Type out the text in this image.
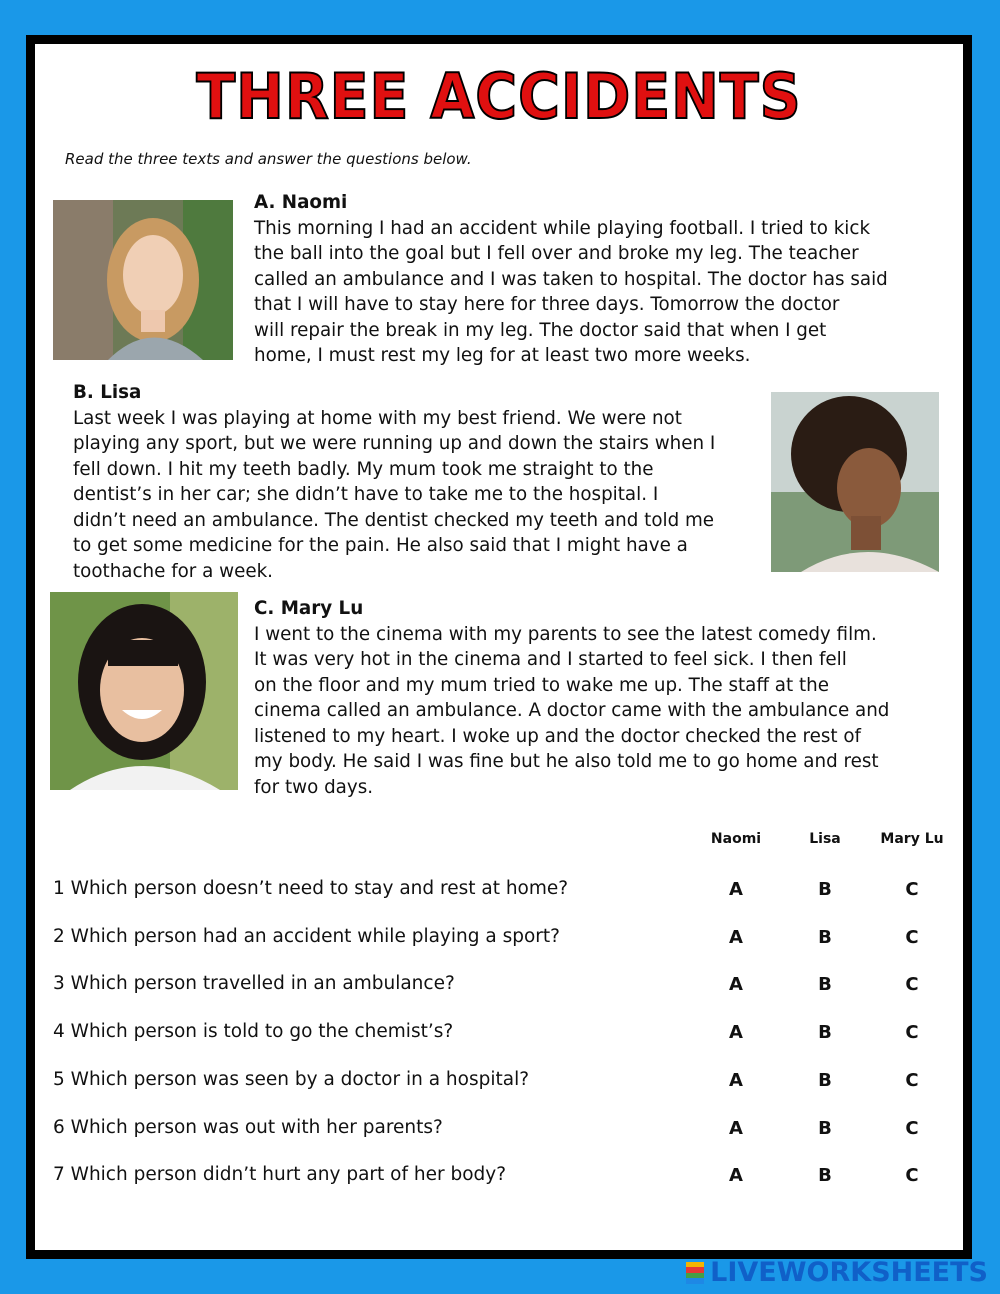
THREE ACCIDENTS
Read the three texts and answer the questions below.
A. Naomi
This morning I had an accident while playing football. I tried to kick
the ball into the goal but I fell over and broke my leg. The teacher
called an ambulance and I was taken to hospital. The doctor has said
that I will have to stay here for three days. Tomorrow the doctor
will repair the break in my leg. The doctor said that when I get
home, I must rest my leg for at least two more weeks.
B. Lisa
Last week I was playing at home with my best friend. We were not
playing any sport, but we were running up and down the stairs when I
fell down. I hit my teeth badly. My mum took me straight to the
dentist’s in her car; she didn’t have to take me to the hospital. I
didn’t need an ambulance. The dentist checked my teeth and told me
to get some medicine for the pain. He also said that I might have a
toothache for a week.
C. Mary Lu
I went to the cinema with my parents to see the latest comedy film.
It was very hot in the cinema and I started to feel sick. I then fell
on the floor and my mum tried to wake me up. The staff at the
cinema called an ambulance. A doctor came with the ambulance and
listened to my heart. I woke up and the doctor checked the rest of
my body. He said I was fine but he also told me to go home and rest
for two days.
Naomi	Lisa	Mary Lu
1 Which person doesn’t need to stay and rest at home?	A	B	C
2 Which person had an accident while playing a sport?	A	B	C
3 Which person travelled in an ambulance?	A	B	C
4 Which person is told to go the chemist’s?	A	B	C
5 Which person was seen by a doctor in a hospital?	A	B	C
6 Which person was out with her parents?	A	B	C
7 Which person didn’t hurt any part of her body?	A	B	C
LIVEWORKSHEETS
